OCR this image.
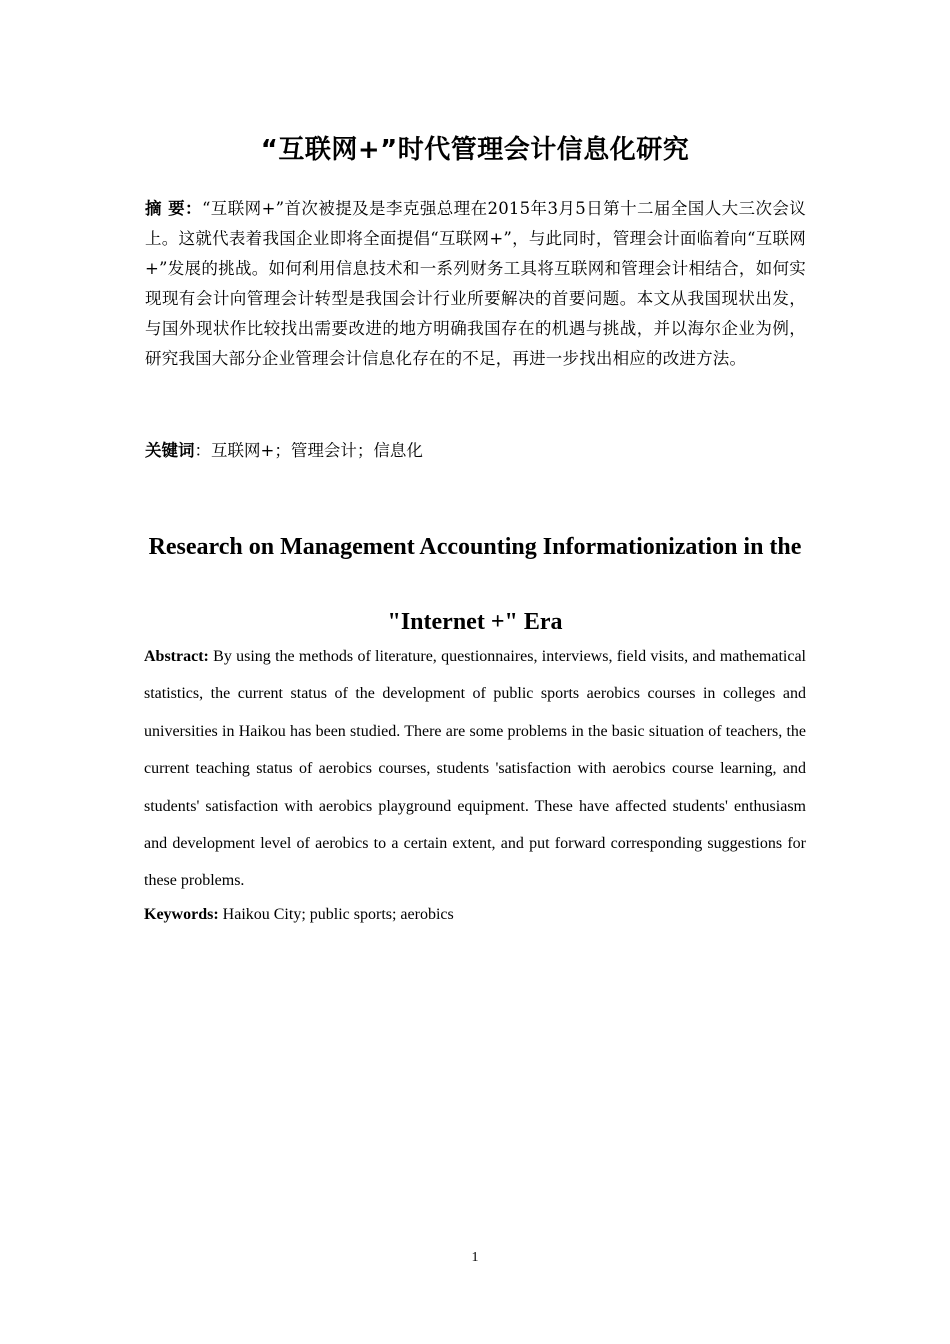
“互联网+”时代管理会计信息化研究
摘 要：“互联网+”首次被提及是李克强总理在2015年3月5日第十二届全国人大三次会议上。这就代表着我国企业即将全面提倡“互联网+”，与此同时，管理会计面临着向“互联网+”发展的挑战。如何利用信息技术和一系列财务工具将互联网和管理会计相结合，如何实现现有会计向管理会计转型是我国会计行业所要解决的首要问题。本文从我国现状出发，与国外现状作比较找出需要改进的地方明确我国存在的机遇与挑战，并以海尔企业为例，研究我国大部分企业管理会计信息化存在的不足，再进一步找出相应的改进方法。
关键词：互联网+；管理会计；信息化
Research on Management Accounting Informationization in the "Internet +" Era
Abstract: By using the methods of literature, questionnaires, interviews, field visits, and mathematical statistics, the current status of the development of public sports aerobics courses in colleges and universities in Haikou has been studied. There are some problems in the basic situation of teachers, the current teaching status of aerobics courses, students 'satisfaction with aerobics course learning, and students' satisfaction with aerobics playground equipment. These have affected students' enthusiasm and development level of aerobics to a certain extent, and put forward corresponding suggestions for these problems.
Keywords: Haikou City; public sports; aerobics
1
